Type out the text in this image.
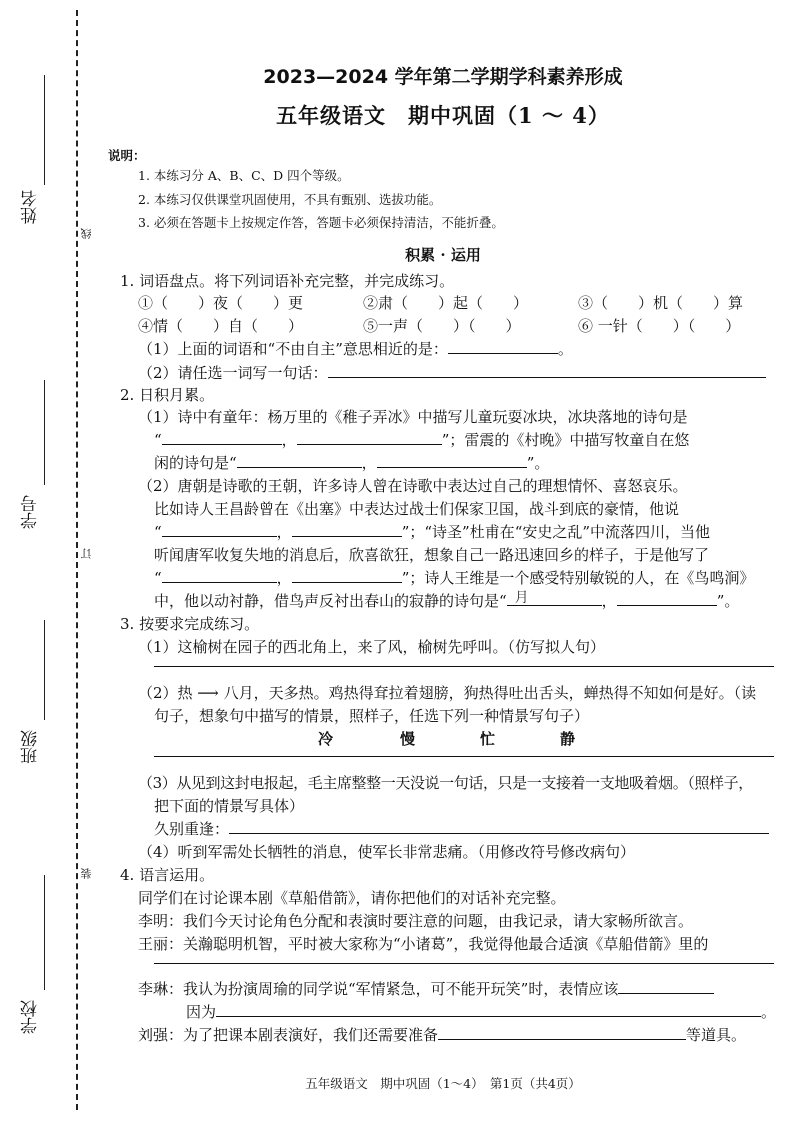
姓名
线
学号
订
班级
装
学校
2023—2024 学年第二学期学科素养形成
五年级语文　期中巩固（1 ～ 4）
说明：
1. 本练习分 A、B、C、D 四个等级。
2. 本练习仅供课堂巩固使用，不具有甄别、选拔功能。
3. 必须在答题卡上按规定作答，答题卡必须保持清洁，不能折叠。
积累 · 运用
1. 词语盘点。将下列词语补充完整，并完成练习。
①（　　）夜（　　）更	②肃（　　）起（　　）	③（　　）机（　　）算
④情（　　）自（　　）	⑤一声（　　）（　　）	⑥ 一针（　　）（　　）
（1）上面的词语和“不由自主”意思相近的是：	。
（2）请任选一词写一句话：
2. 日积月累。
（1）诗中有童年：杨万里的《稚子弄冰》中描写儿童玩耍冰块，冰块落地的诗句是
“	，	”；雷震的《村晚》中描写牧童自在悠
闲的诗句是“	，	”。
（2）唐朝是诗歌的王朝，许多诗人曾在诗歌中表达过自己的理想情怀、喜怒哀乐。
比如诗人王昌龄曾在《出塞》中表达过战士们保家卫国，战斗到底的豪情，他说
“	，	”；“诗圣”杜甫在“安史之乱”中流落四川，当他
听闻唐军收复失地的消息后，欣喜欲狂，想象自己一路迅速回乡的样子，于是他写了
“	，	”；诗人王维是一个感受特别敏锐的人，在《鸟鸣涧》
中，他以动衬静，借鸟声反衬出春山的寂静的诗句是“ 月	，	”。
3. 按要求完成练习。
（1）这榆树在园子的西北角上，来了风，榆树先呼叫。（仿写拟人句）
（2）热 ⟶ 八月，天多热。鸡热得耷拉着翅膀，狗热得吐出舌头，蝉热得不知如何是好。（读
句子，想象句中描写的情景，照样子，任选下列一种情景写句子）
冷	慢	忙	静
（3）从见到这封电报起，毛主席整整一天没说一句话，只是一支接着一支地吸着烟。（照样子，
把下面的情景写具体）
久别重逢：
（4）听到军需处长牺牲的消息，使军长非常悲痛。（用修改符号修改病句）
4. 语言运用。
同学们在讨论课本剧《草船借箭》，请你把他们的对话补充完整。
李明：我们今天讨论角色分配和表演时要注意的问题，由我记录，请大家畅所欲言。
王丽：关瀚聪明机智，平时被大家称为“小诸葛”，我觉得他最合适演《草船借箭》里的
李琳：我认为扮演周瑜的同学说“军情紧急，可不能开玩笑”时，表情应该
因为	。
刘强：为了把课本剧表演好，我们还需要准备	等道具。
五年级语文　期中巩固（1～4）　第1页（共4页）
